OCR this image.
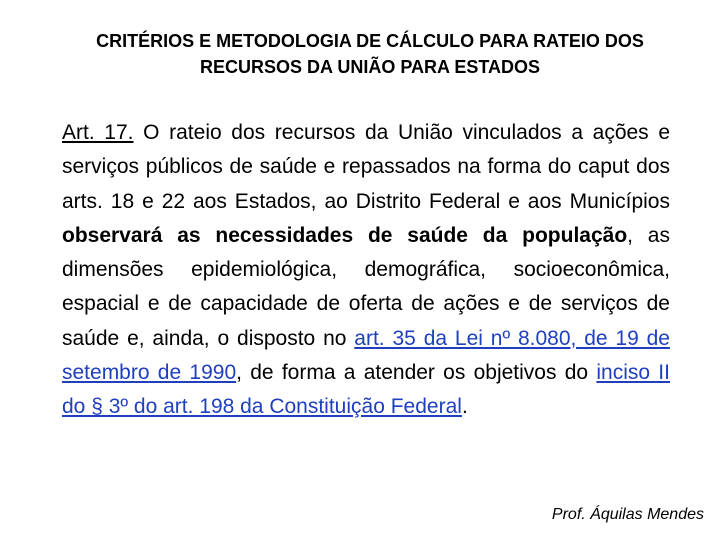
CRITÉRIOS E METODOLOGIA DE CÁLCULO PARA RATEIO DOS
RECURSOS DA UNIÃO PARA ESTADOS
Art. 17. O rateio dos recursos da União vinculados a ações e serviços públicos de saúde e repassados na forma do caput dos arts. 18 e 22 aos Estados, ao Distrito Federal e aos Municípios observará as necessidades de saúde da população, as dimensões epidemiológica, demográfica, socioeconômica, espacial e de capacidade de oferta de ações e de serviços de saúde e, ainda, o disposto no art. 35 da Lei nº 8.080, de 19 de setembro de 1990, de forma a atender os objetivos do inciso II do § 3º do art. 198 da Constituição Federal.
Prof. Áquilas Mendes
